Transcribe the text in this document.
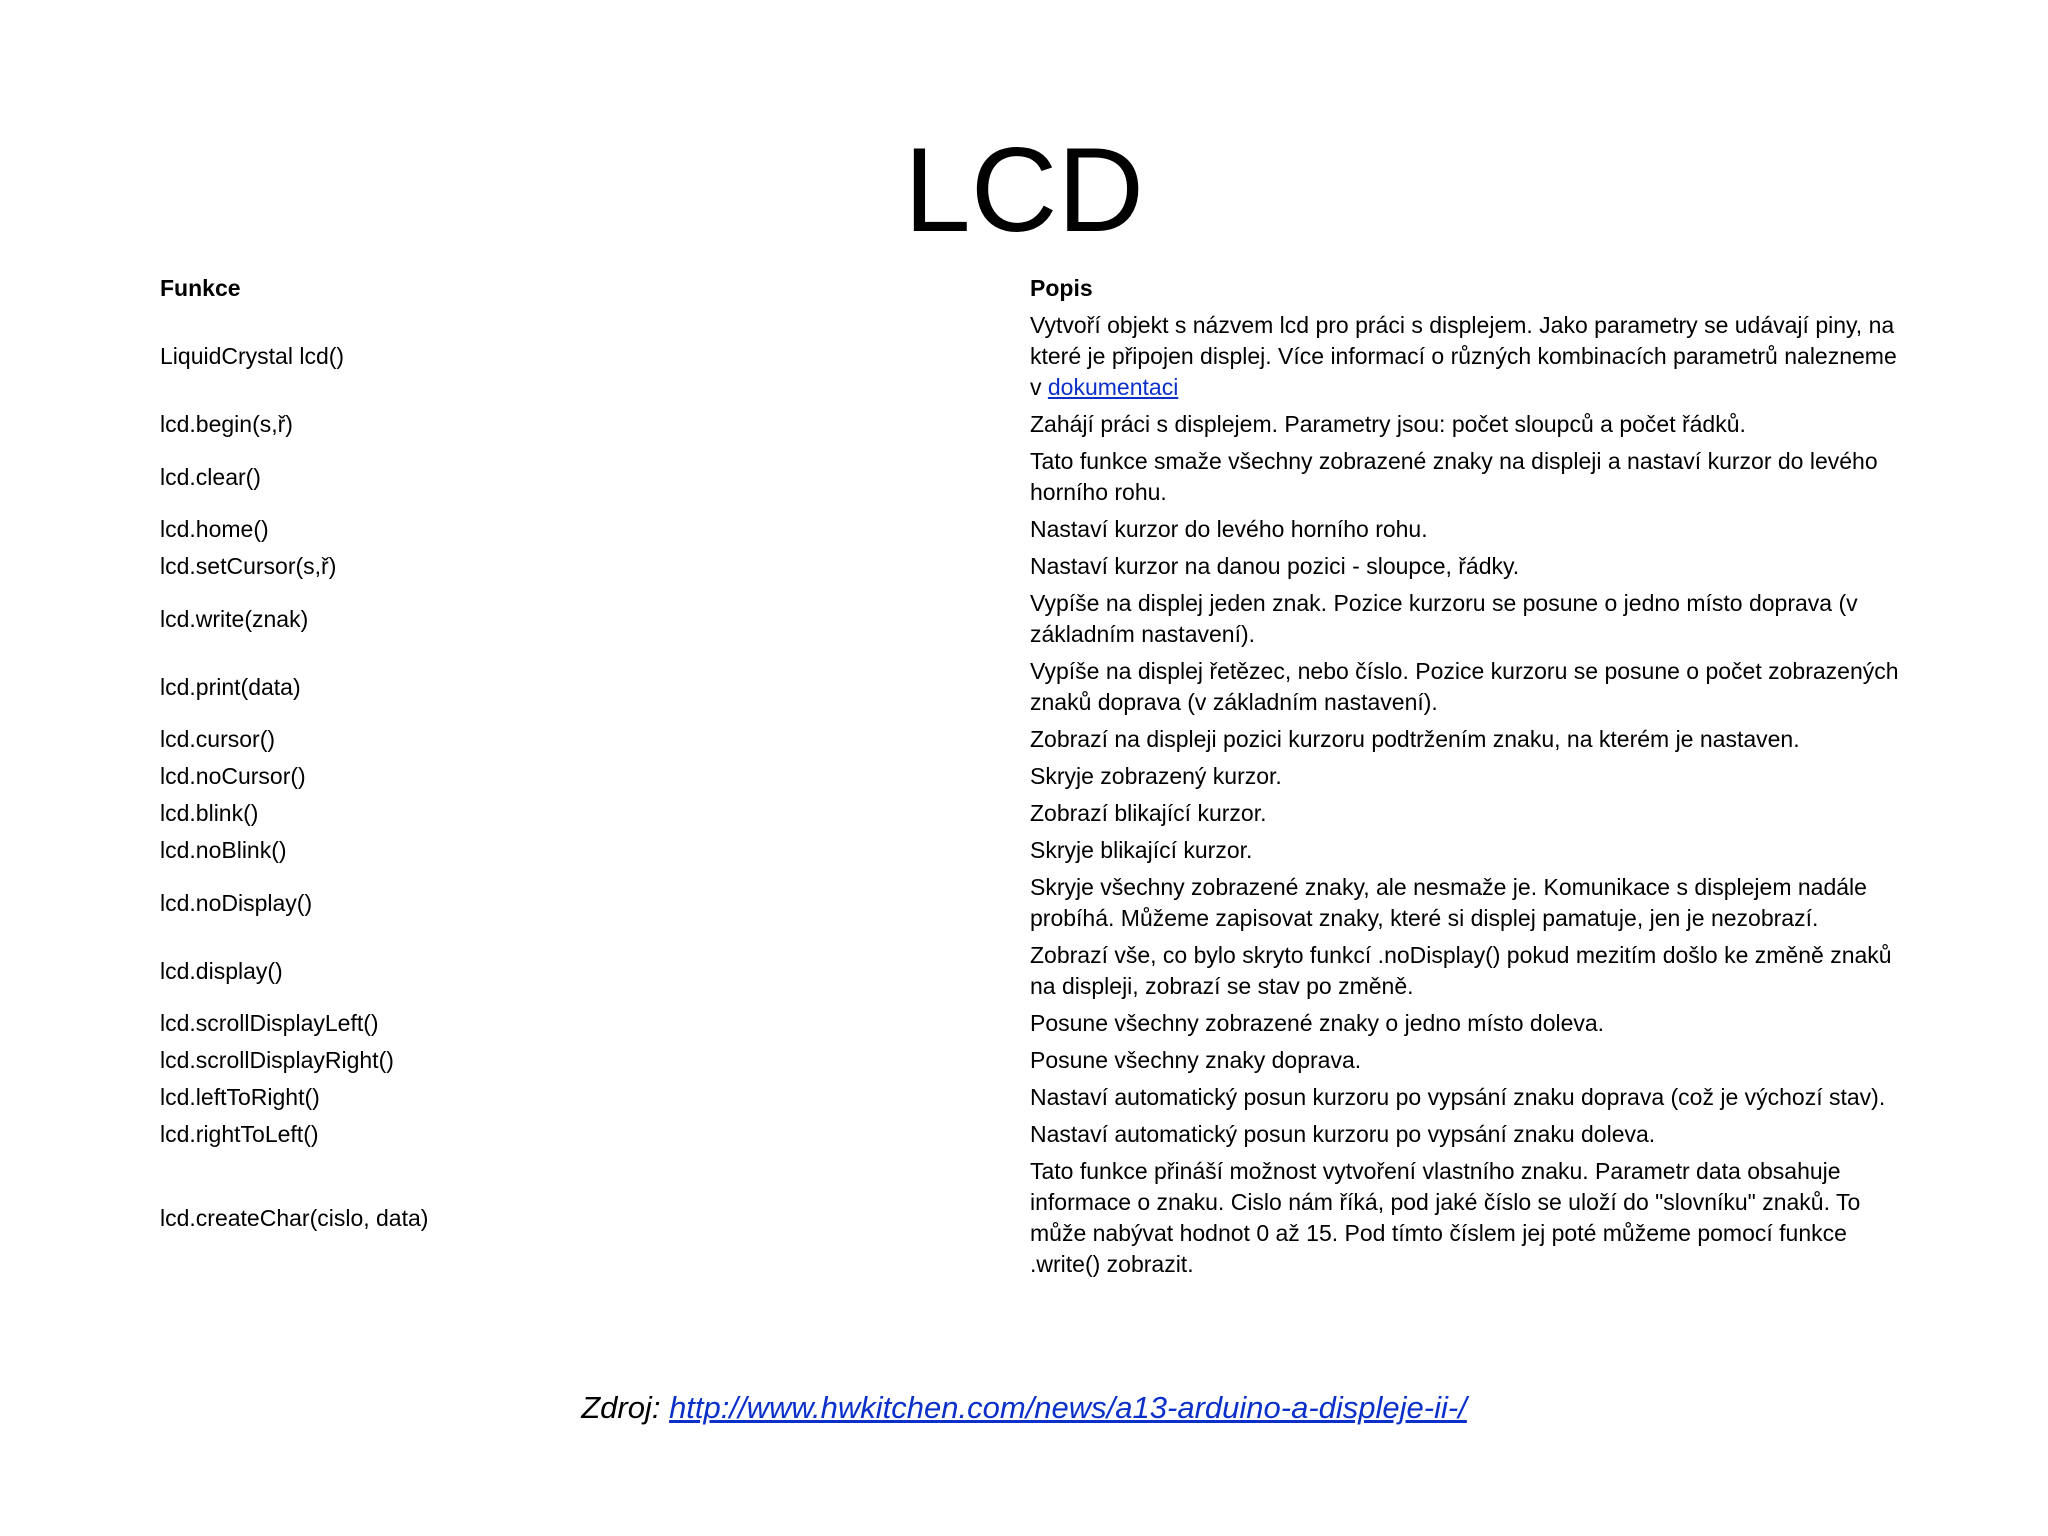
LCD
Funkce	Popis
LiquidCrystal lcd()	Vytvoří objekt s názvem lcd pro práci s displejem. Jako parametry se udávají piny, na které je připojen displej. Více informací o různých kombinacích parametrů nalezneme v dokumentaci
lcd.begin(s,ř)	Zahájí práci s displejem. Parametry jsou: počet sloupců a počet řádků.
lcd.clear()	Tato funkce smaže všechny zobrazené znaky na displeji a nastaví kurzor do levého horního rohu.
lcd.home()	Nastaví kurzor do levého horního rohu.
lcd.setCursor(s,ř)	Nastaví kurzor na danou pozici - sloupce, řádky.
lcd.write(znak)	Vypíše na displej jeden znak. Pozice kurzoru se posune o jedno místo doprava (v základním nastavení).
lcd.print(data)	Vypíše na displej řetězec, nebo číslo. Pozice kurzoru se posune o počet zobrazených znaků doprava (v základním nastavení).
lcd.cursor()	Zobrazí na displeji pozici kurzoru podtržením znaku, na kterém je nastaven.
lcd.noCursor()	Skryje zobrazený kurzor.
lcd.blink()	Zobrazí blikající kurzor.
lcd.noBlink()	Skryje blikající kurzor.
lcd.noDisplay()	Skryje všechny zobrazené znaky, ale nesmaže je. Komunikace s displejem nadále probíhá. Můžeme zapisovat znaky, které si displej pamatuje, jen je nezobrazí.
lcd.display()	Zobrazí vše, co bylo skryto funkcí .noDisplay() pokud mezitím došlo ke změně znaků na displeji, zobrazí se stav po změně.
lcd.scrollDisplayLeft()	Posune všechny zobrazené znaky o jedno místo doleva.
lcd.scrollDisplayRight()	Posune všechny znaky doprava.
lcd.leftToRight()	Nastaví automatický posun kurzoru po vypsání znaku doprava (což je výchozí stav).
lcd.rightToLeft()	Nastaví automatický posun kurzoru po vypsání znaku doleva.
lcd.createChar(cislo, data)	Tato funkce přináší možnost vytvoření vlastního znaku. Parametr data obsahuje informace o znaku. Cislo nám říká, pod jaké číslo se uloží do "slovníku" znaků. To může nabývat hodnot 0 až 15. Pod tímto číslem jej poté můžeme pomocí funkce .write() zobrazit.
Zdroj: http://www.hwkitchen.com/news/a13-arduino-a-displeje-ii-/
